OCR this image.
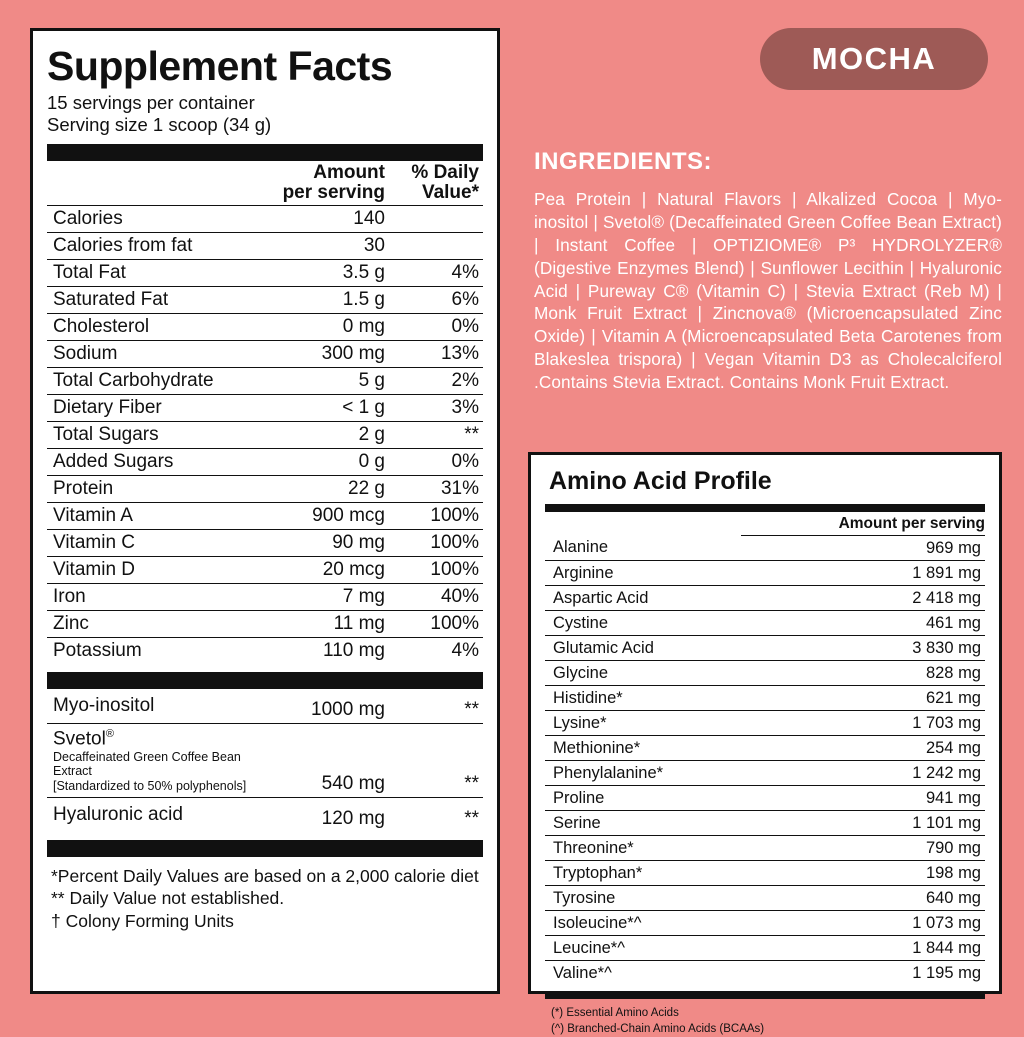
Supplement Facts
15 servings per container
Serving size 1 scoop (34 g)
	Amount
per serving	% Daily
Value*
Calories	140	
Calories from fat	30	
Total Fat	3.5 g	4%
Saturated Fat	1.5 g	6%
Cholesterol	0 mg	0%
Sodium	300 mg	13%
Total Carbohydrate	5 g	2%
Dietary Fiber	< 1 g	3%
Total Sugars	2 g	**
Added Sugars	0 g	0%
Protein	22 g	31%
Vitamin A	900 mcg	100%
Vitamin C	90 mg	100%
Vitamin D	20 mcg	100%
Iron	7 mg	40%
Zinc	11 mg	100%
Potassium	110 mg	4%
Myo-inositol	1000 mg	**
Svetol®
Decaffeinated Green Coffee Bean Extract
[Standardized to 50% polyphenols]	540 mg	**
Hyaluronic acid	120 mg	**
*Percent Daily Values are based on a 2,000 calorie diet
** Daily Value not established.
† Colony Forming Units
MOCHA
INGREDIENTS:
Pea Protein | Natural Flavors | Alkalized Cocoa | Myo-inositol | Svetol® (Decaffeinated Green Coffee Bean Extract) | Instant Coffee | OPTIZIOME® P³ HYDROLYZER® (Digestive Enzymes Blend) | Sunflower Lecithin | Hyaluronic Acid | Pureway C® (Vitamin C) | Stevia Extract (Reb M) | Monk Fruit Extract | Zincnova® (Microencapsulated Zinc Oxide) | Vitamin A (Microencapsulated Beta Carotenes from Blakeslea trispora) | Vegan Vitamin D3 as Cholecalciferol .Contains Stevia Extract. Contains Monk Fruit Extract.
Amino Acid Profile
	Amount per serving
Alanine	969 mg
Arginine	1 891 mg
Aspartic Acid	2 418 mg
Cystine	461 mg
Glutamic Acid	3 830 mg
Glycine	828 mg
Histidine*	621 mg
Lysine*	1 703 mg
Methionine*	254 mg
Phenylalanine*	1 242 mg
Proline	941 mg
Serine	1 101 mg
Threonine*	790 mg
Tryptophan*	198 mg
Tyrosine	640 mg
Isoleucine*^	1 073 mg
Leucine*^	1 844 mg
Valine*^	1 195 mg
(*) Essential Amino Acids
(^) Branched-Chain Amino Acids (BCAAs)
